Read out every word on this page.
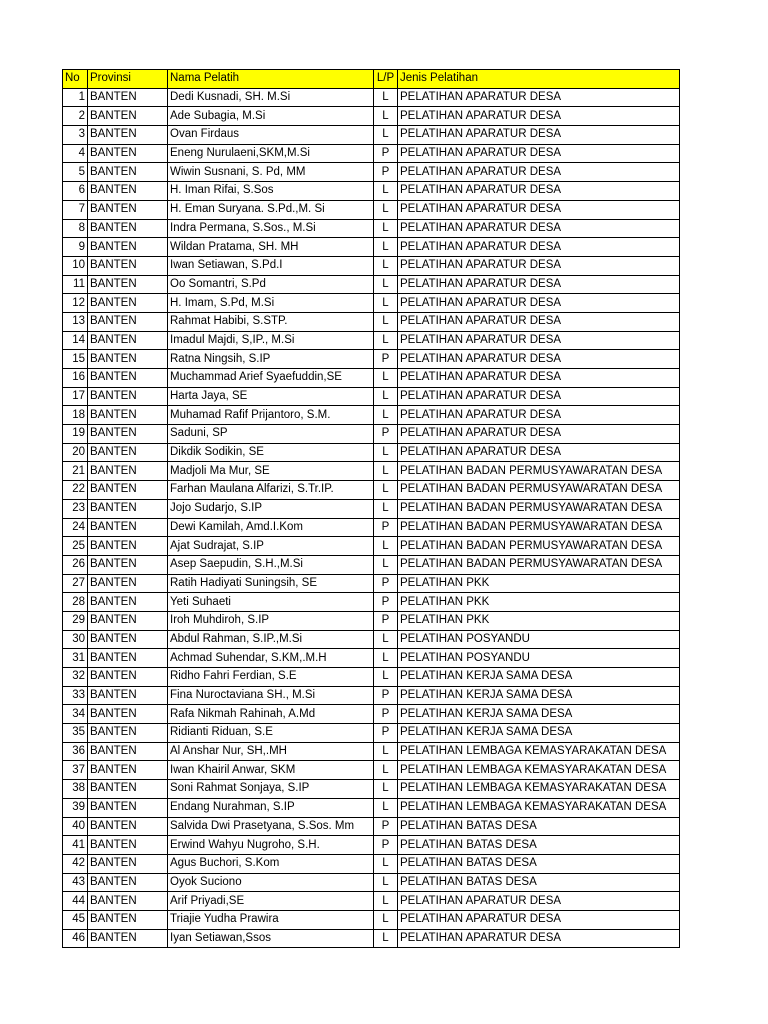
No	Provinsi	Nama Pelatih	L/P	Jenis Pelatihan
1	BANTEN	Dedi Kusnadi, SH. M.Si	L	PELATIHAN APARATUR DESA
2	BANTEN	Ade Subagia, M.Si	L	PELATIHAN APARATUR DESA
3	BANTEN	Ovan Firdaus	L	PELATIHAN APARATUR DESA
4	BANTEN	Eneng Nurulaeni,SKM,M.Si	P	PELATIHAN APARATUR DESA
5	BANTEN	Wiwin Susnani, S. Pd, MM	P	PELATIHAN APARATUR DESA
6	BANTEN	H. Iman Rifai, S.Sos	L	PELATIHAN APARATUR DESA
7	BANTEN	H. Eman Suryana. S.Pd.,M. Si	L	PELATIHAN APARATUR DESA
8	BANTEN	Indra Permana, S.Sos., M.Si	L	PELATIHAN APARATUR DESA
9	BANTEN	Wildan Pratama, SH. MH	L	PELATIHAN APARATUR DESA
10	BANTEN	Iwan Setiawan, S.Pd.I	L	PELATIHAN APARATUR DESA
11	BANTEN	Oo Somantri, S.Pd	L	PELATIHAN APARATUR DESA
12	BANTEN	H. Imam, S.Pd, M.Si	L	PELATIHAN APARATUR DESA
13	BANTEN	Rahmat Habibi, S.STP.	L	PELATIHAN APARATUR DESA
14	BANTEN	Imadul Majdi, S,IP., M.Si	L	PELATIHAN APARATUR DESA
15	BANTEN	Ratna Ningsih, S.IP	P	PELATIHAN APARATUR DESA
16	BANTEN	Muchammad Arief Syaefuddin,SE	L	PELATIHAN APARATUR DESA
17	BANTEN	Harta Jaya, SE	L	PELATIHAN APARATUR DESA
18	BANTEN	Muhamad Rafif Prijantoro, S.M.	L	PELATIHAN APARATUR DESA
19	BANTEN	Saduni, SP	P	PELATIHAN APARATUR DESA
20	BANTEN	Dikdik Sodikin, SE	L	PELATIHAN APARATUR DESA
21	BANTEN	Madjoli Ma Mur, SE	L	PELATIHAN BADAN PERMUSYAWARATAN DESA
22	BANTEN	Farhan Maulana Alfarizi, S.Tr.IP.	L	PELATIHAN BADAN PERMUSYAWARATAN DESA
23	BANTEN	Jojo Sudarjo, S.IP	L	PELATIHAN BADAN PERMUSYAWARATAN DESA
24	BANTEN	Dewi Kamilah, Amd.I.Kom	P	PELATIHAN BADAN PERMUSYAWARATAN DESA
25	BANTEN	Ajat Sudrajat, S.IP	L	PELATIHAN BADAN PERMUSYAWARATAN DESA
26	BANTEN	Asep Saepudin, S.H.,M.Si	L	PELATIHAN BADAN PERMUSYAWARATAN DESA
27	BANTEN	Ratih Hadiyati Suningsih, SE	P	PELATIHAN PKK
28	BANTEN	Yeti Suhaeti	P	PELATIHAN PKK
29	BANTEN	Iroh Muhdiroh, S.IP	P	PELATIHAN PKK
30	BANTEN	Abdul Rahman, S.IP.,M.Si	L	PELATIHAN POSYANDU
31	BANTEN	Achmad Suhendar, S.KM,.M.H	L	PELATIHAN POSYANDU
32	BANTEN	Ridho Fahri Ferdian, S.E	L	PELATIHAN KERJA SAMA DESA
33	BANTEN	Fina Nuroctaviana SH., M.Si	P	PELATIHAN KERJA SAMA DESA
34	BANTEN	Rafa Nikmah Rahinah, A.Md	P	PELATIHAN KERJA SAMA DESA
35	BANTEN	Ridianti Riduan, S.E	P	PELATIHAN KERJA SAMA DESA
36	BANTEN	Al Anshar Nur, SH,.MH	L	PELATIHAN LEMBAGA KEMASYARAKATAN DESA
37	BANTEN	Iwan Khairil Anwar, SKM	L	PELATIHAN LEMBAGA KEMASYARAKATAN DESA
38	BANTEN	Soni Rahmat Sonjaya, S.IP	L	PELATIHAN LEMBAGA KEMASYARAKATAN DESA
39	BANTEN	Endang Nurahman, S.IP	L	PELATIHAN LEMBAGA KEMASYARAKATAN DESA
40	BANTEN	Salvida Dwi Prasetyana, S.Sos. Mm	P	PELATIHAN BATAS DESA
41	BANTEN	Erwind Wahyu Nugroho, S.H.	P	PELATIHAN BATAS DESA
42	BANTEN	Agus Buchori, S.Kom	L	PELATIHAN BATAS DESA
43	BANTEN	Oyok Suciono	L	PELATIHAN BATAS DESA
44	BANTEN	Arif Priyadi,SE	L	PELATIHAN APARATUR DESA
45	BANTEN	Triajie Yudha Prawira	L	PELATIHAN APARATUR DESA
46	BANTEN	Iyan Setiawan,Ssos	L	PELATIHAN APARATUR DESA
